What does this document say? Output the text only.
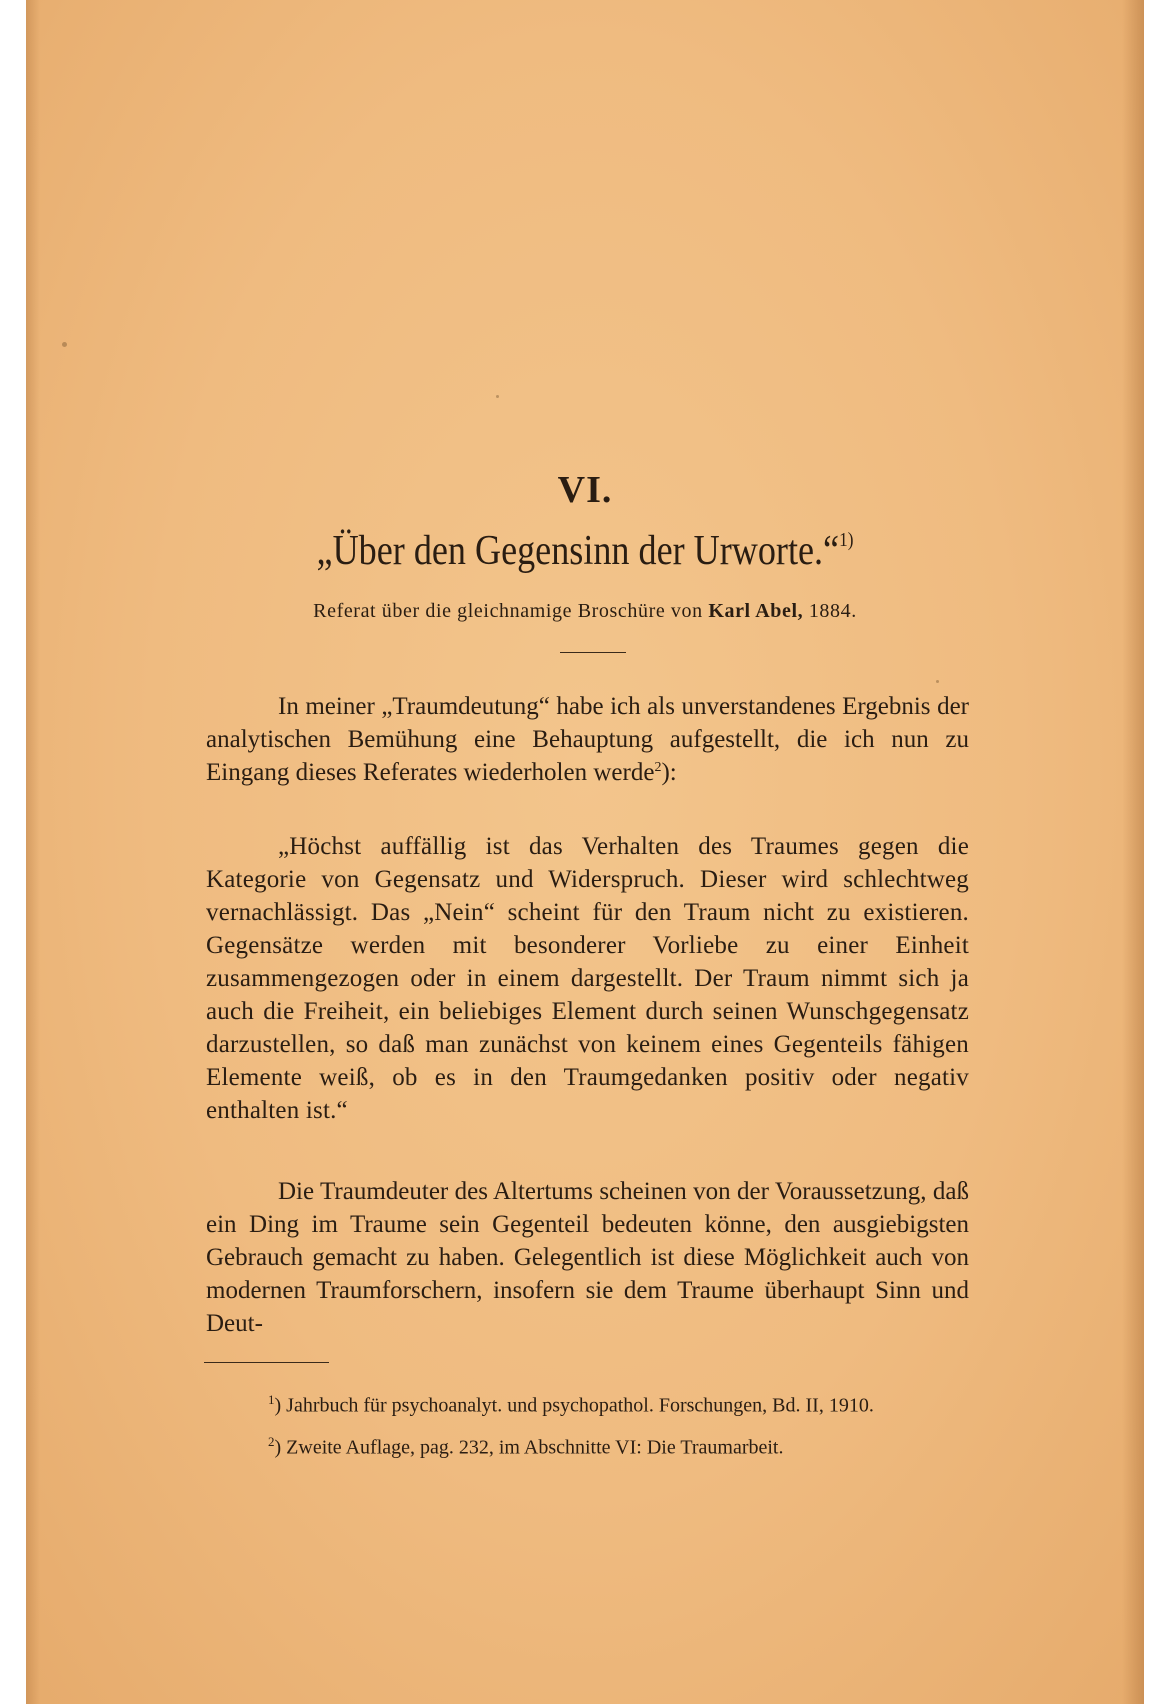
VI.
„Über den Gegensinn der Urworte.“$^{1)}$
Referat über die gleichnamige Broschüre von Karl Abel, 1884.
In meiner „Traumdeutung“ habe ich als unverstandenes Ergebnis der analytischen Bemühung eine Behauptung aufgestellt, die ich nun zu Eingang dieses Referates wiederholen werde$^2$):
„Höchst auffällig ist das Verhalten des Traumes gegen die Kategorie von Gegensatz und Widerspruch. Dieser wird schlechtweg vernachlässigt. Das „Nein“ scheint für den Traum nicht zu existieren. Gegensätze werden mit besonderer Vorliebe zu einer Einheit zusammengezogen oder in einem dargestellt. Der Traum nimmt sich ja auch die Freiheit, ein beliebiges Element durch seinen Wunschgegensatz darzustellen, so daß man zunächst von keinem eines Gegenteils fähigen Elemente weiß, ob es in den Traumgedanken positiv oder negativ enthalten ist.“
Die Traumdeuter des Altertums scheinen von der Voraussetzung, daß ein Ding im Traume sein Gegenteil bedeuten könne, den ausgiebigsten Gebrauch gemacht zu haben. Gelegentlich ist diese Möglichkeit auch von modernen Traumforschern, insofern sie dem Traume überhaupt Sinn und Deut-

$^1$) Jahrbuch für psychoanalyt. und psychopathol. Forschungen, Bd. II, 1910.

$^2$) Zweite Auflage, pag. 232, im Abschnitte VI: Die Traumarbeit.
